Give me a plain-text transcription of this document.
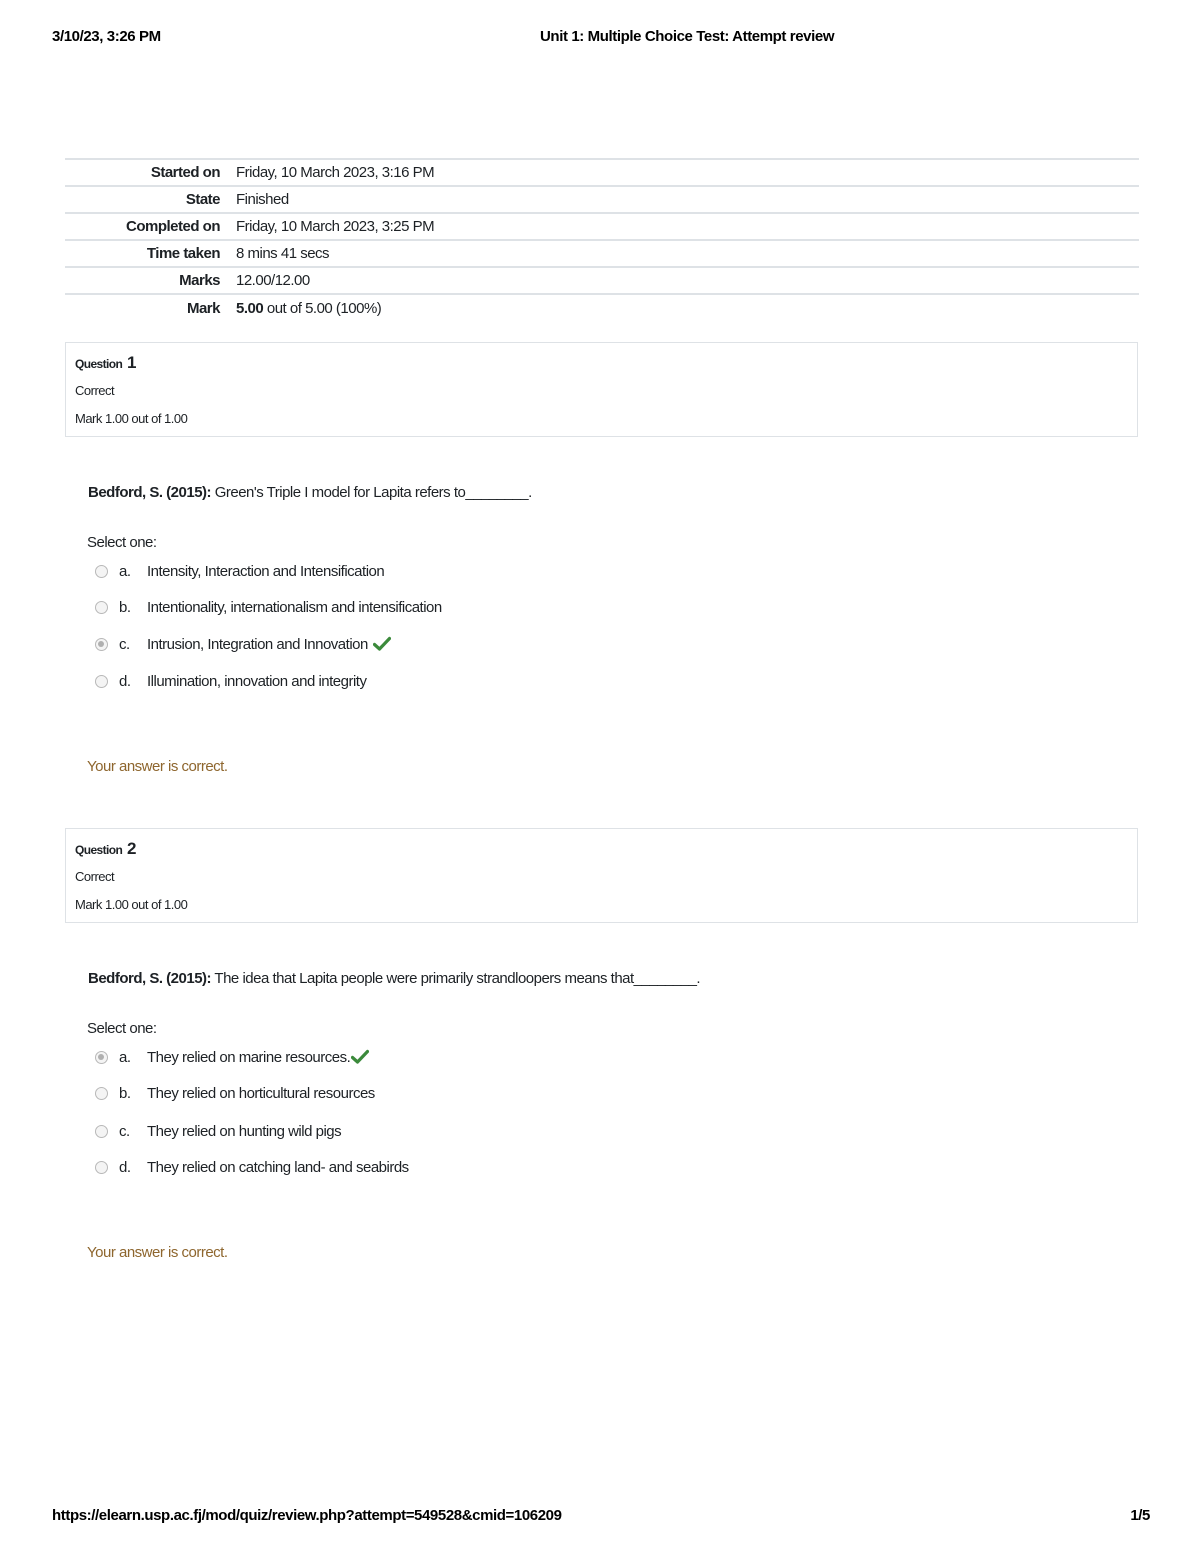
3/10/23, 3:26 PM	Unit 1: Multiple Choice Test: Attempt review
Started on	Friday, 10 March 2023, 3:16 PM
State	Finished
Completed on	Friday, 10 March 2023, 3:25 PM
Time taken	8 mins 41 secs
Marks	12.00/12.00
Mark	5.00 out of 5.00 (100%)
Question 1
Correct
Mark 1.00 out of 1.00
Bedford, S. (2015): Green's Triple I model for Lapita refers to________.
Select one:
a.	Intensity, Interaction and Intensification
b.	Intentionality, internationalism and intensification
c.	Intrusion, Integration and Innovation
d.	Illumination, innovation and integrity
Your answer is correct.
Question 2
Correct
Mark 1.00 out of 1.00
Bedford, S. (2015): The idea that Lapita people were primarily strandloopers means that________.
Select one:
a.	They relied on marine resources.
b.	They relied on horticultural resources
c.	They relied on hunting wild pigs
d.	They relied on catching land- and seabirds
Your answer is correct.
https://elearn.usp.ac.fj/mod/quiz/review.php?attempt=549528&cmid=106209	1/5
